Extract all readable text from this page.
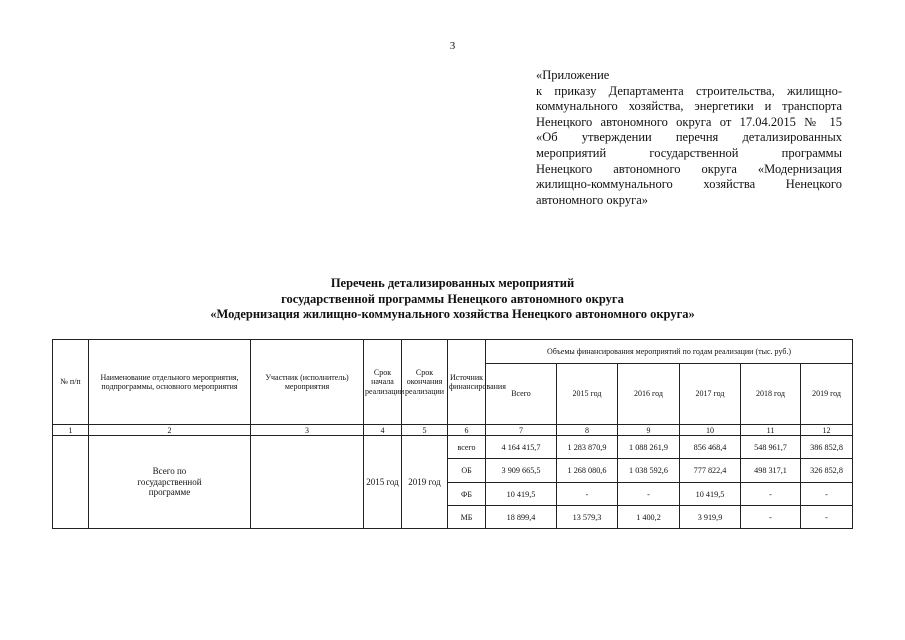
3
«Приложение
к приказу Департамента строительства, жилищно-
коммунального хозяйства, энергетики и транспорта
Ненецкого автономного округа от 17.04.2015 № 15
«Об утверждении перечня детализированных
мероприятий государственной программы
Ненецкого автономного округа «Модернизация
жилищно-коммунального хозяйства Ненецкого
автономного округа»
Перечень детализированных мероприятий
государственной программы Ненецкого автономного округа
«Модернизация жилищно-коммунального хозяйства Ненецкого автономного округа»
№ п/п	Наименование отдельного мероприятия, подпрограммы, основного мероприятия	Участник (исполнитель) мероприятия	Срок начала реализации	Срок окончания реализации	Источник финансирования	Объемы финансирования мероприятий по годам реализации (тыс. руб.)					
						Всего	2015 год	2016 год	2017 год	2018 год	2019 год
1	2	3	4	5	6	7	8	9	10	11	12
	Всего по государственной программе		2015 год	2019 год	всего	4 164 415,7	1 283 870,9	1 088 261,9	856 468,4	548 961,7	386 852,8
					ОБ	3 909 665,5	1 268 080,6	1 038 592,6	777 822,4	498 317,1	326 852,8
					ФБ	10 419,5	-	-	10 419,5	-	-
					МБ	18 899,4	13 579,3	1 400,2	3 919,9	-	-
